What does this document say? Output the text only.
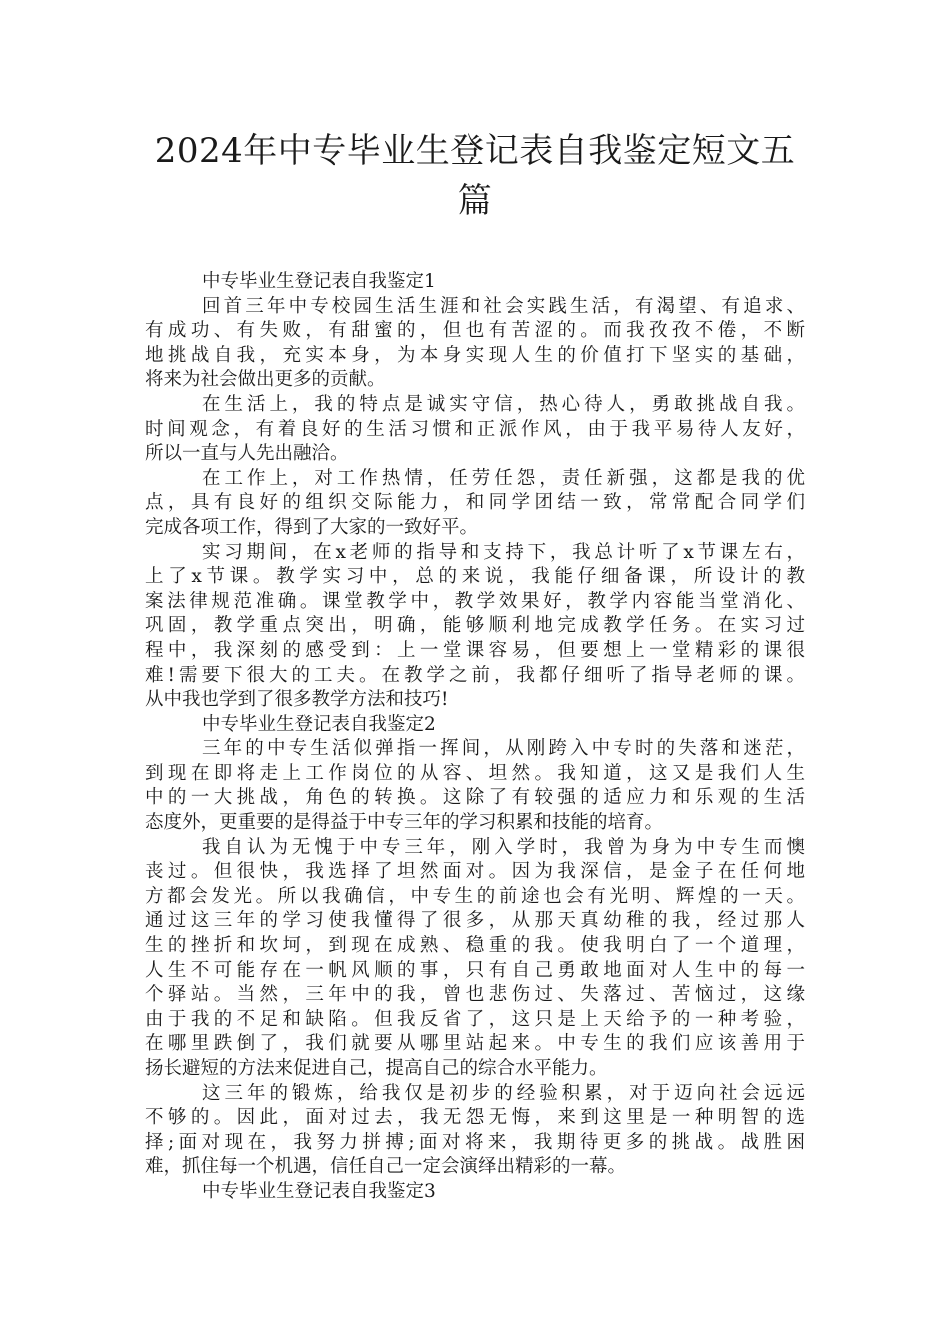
2024年中专毕业生登记表自我鉴定短文五
篇
中专毕业生登记表自我鉴定1
回首三年中专校园生活生涯和社会实践生活，有渴望、有追求、
有成功、有失败，有甜蜜的，但也有苦涩的。而我孜孜不倦，不断
地挑战自我，充实本身，为本身实现人生的价值打下坚实的基础，
将来为社会做出更多的贡献。
在生活上，我的特点是诚实守信，热心待人，勇敢挑战自我。
时间观念，有着良好的生活习惯和正派作风，由于我平易待人友好，
所以一直与人先出融洽。
在工作上，对工作热情，任劳任怨，责任新强，这都是我的优
点，具有良好的组织交际能力，和同学团结一致，常常配合同学们
完成各项工作，得到了大家的一致好平。
实习期间，在x老师的指导和支持下，我总计听了x节课左右，
上了x节课。教学实习中，总的来说，我能仔细备课，所设计的教
案法律规范准确。课堂教学中，教学效果好，教学内容能当堂消化、
巩固，教学重点突出，明确，能够顺利地完成教学任务。在实习过
程中，我深刻的感受到：上一堂课容易，但要想上一堂精彩的课很
难!需要下很大的工夫。在教学之前，我都仔细听了指导老师的课。
从中我也学到了很多教学方法和技巧!
中专毕业生登记表自我鉴定2
三年的中专生活似弹指一挥间，从刚跨入中专时的失落和迷茫，
到现在即将走上工作岗位的从容、坦然。我知道，这又是我们人生
中的一大挑战，角色的转换。这除了有较强的适应力和乐观的生活
态度外，更重要的是得益于中专三年的学习积累和技能的培育。
我自认为无愧于中专三年，刚入学时，我曾为身为中专生而懊
丧过。但很快，我选择了坦然面对。因为我深信，是金子在任何地
方都会发光。所以我确信，中专生的前途也会有光明、辉煌的一天。
通过这三年的学习使我懂得了很多，从那天真幼稚的我，经过那人
生的挫折和坎坷，到现在成熟、稳重的我。使我明白了一个道理，
人生不可能存在一帆风顺的事，只有自己勇敢地面对人生中的每一
个驿站。当然，三年中的我，曾也悲伤过、失落过、苦恼过，这缘
由于我的不足和缺陷。但我反省了，这只是上天给予的一种考验，
在哪里跌倒了，我们就要从哪里站起来。中专生的我们应该善用于
扬长避短的方法来促进自己，提高自己的综合水平能力。
这三年的锻炼，给我仅是初步的经验积累，对于迈向社会远远
不够的。因此，面对过去，我无怨无悔，来到这里是一种明智的选
择;面对现在，我努力拼搏;面对将来，我期待更多的挑战。战胜困
难，抓住每一个机遇，信任自己一定会演绎出精彩的一幕。
中专毕业生登记表自我鉴定3
